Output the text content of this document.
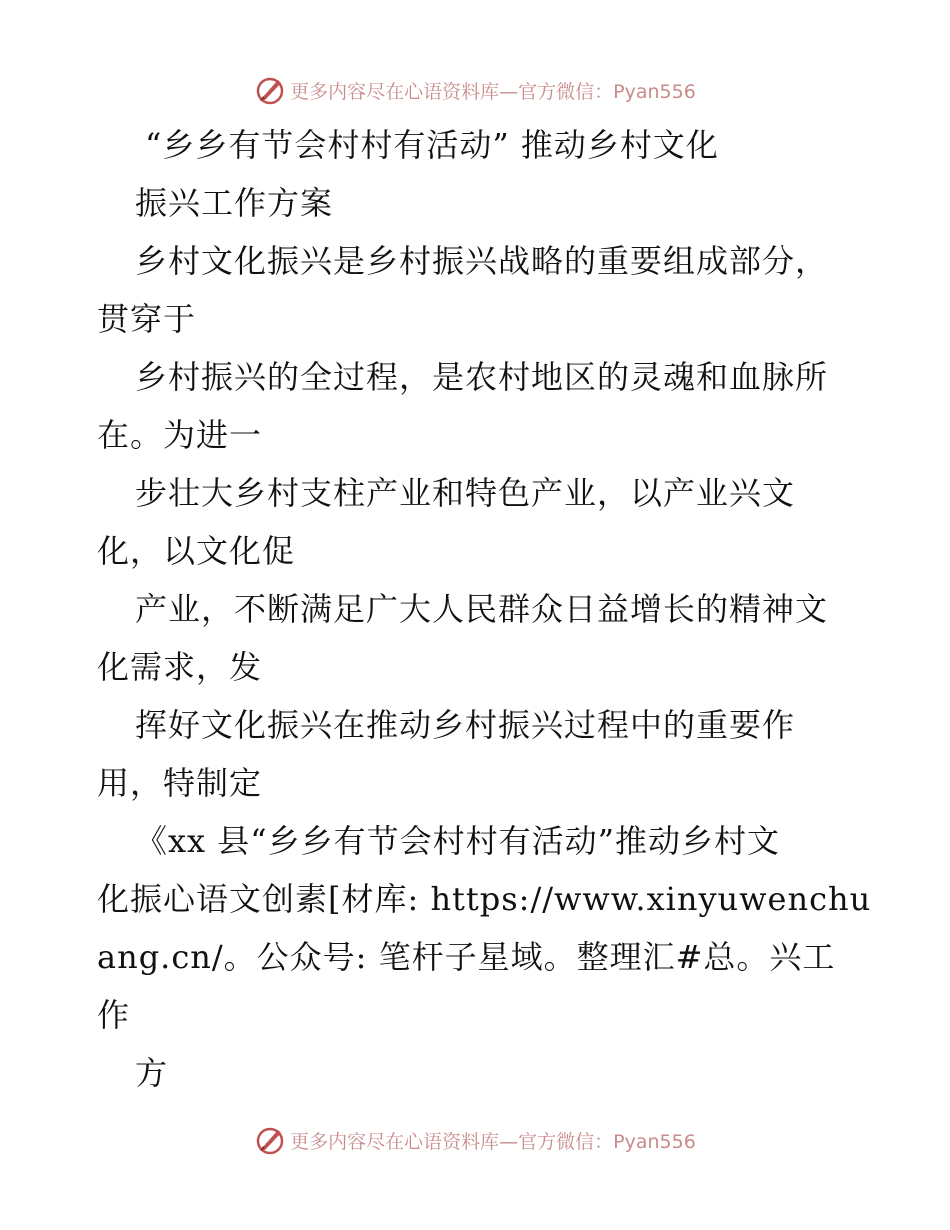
更多内容尽在心语资料库—官方微信：Pyan556
“乡乡有节会村村有活动” 推动乡村文化
振兴工作方案
乡村文化振兴是乡村振兴战略的重要组成部分，
贯穿于
乡村振兴的全过程，是农村地区的灵魂和血脉所
在。为进一
步壮大乡村支柱产业和特色产业，以产业兴文
化，以文化促
产业，不断满足广大人民群众日益增长的精神文
化需求，发
挥好文化振兴在推动乡村振兴过程中的重要作
用，特制定
《xx 县“乡乡有节会村村有活动”推动乡村文
化振心语文创素[材库: https://www.xinyuwenchu
ang.cn/。公众号: 笔杆子星域。整理汇#总。兴工
作
方
更多内容尽在心语资料库—官方微信：Pyan556
